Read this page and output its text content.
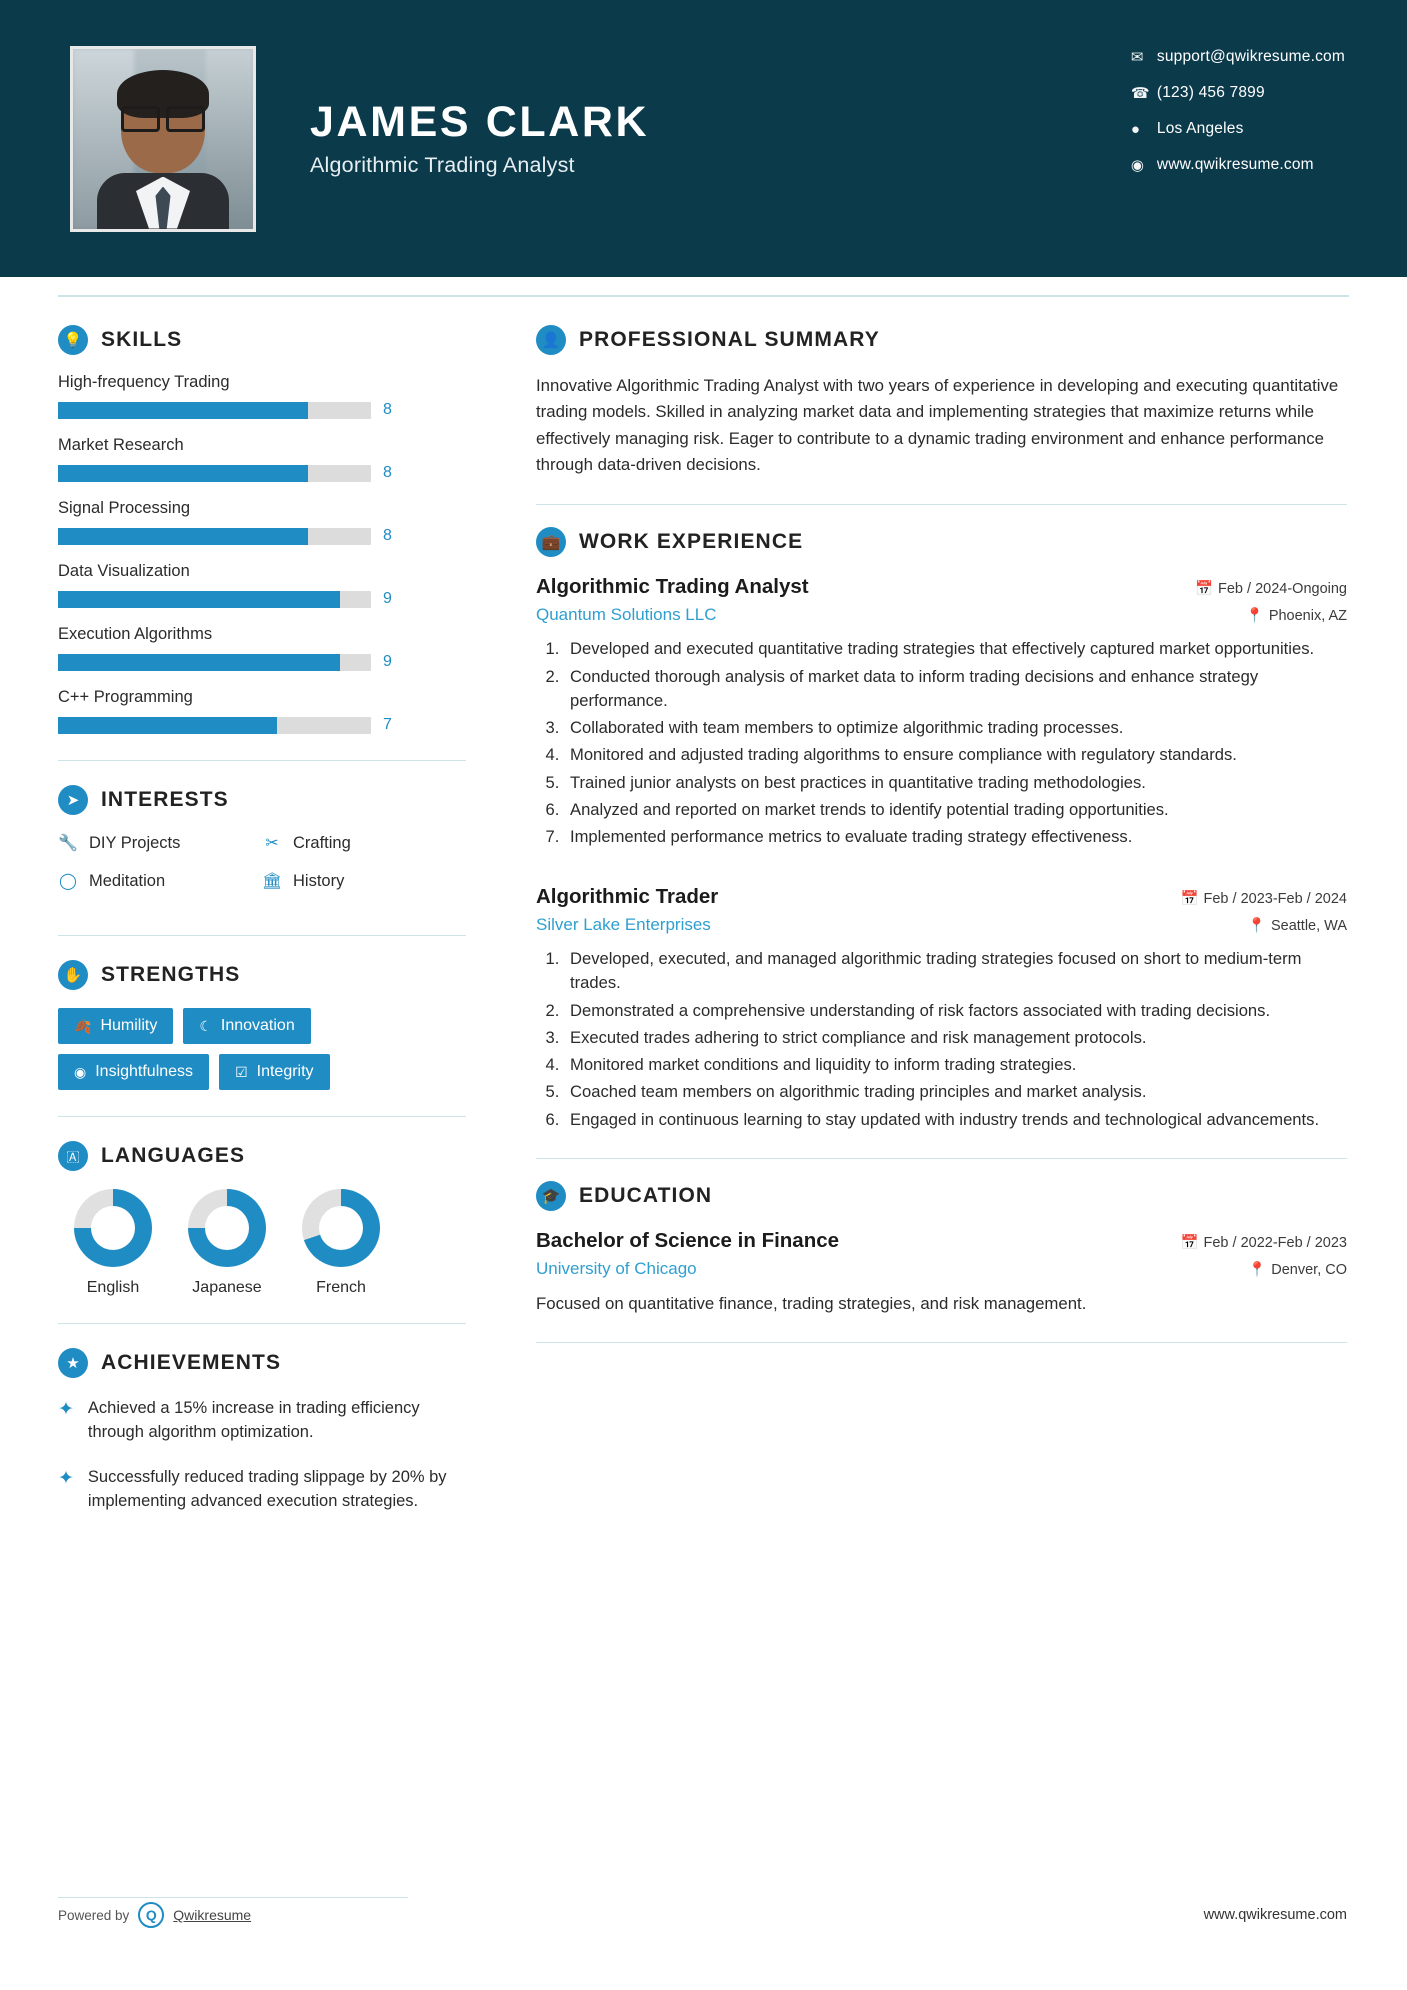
JAMES CLARK
Algorithmic Trading Analyst
✉ support@qwikresume.com
☎ (123) 456 7899
●	Los Angeles
◉ www.qwikresume.com
💡 SKILLS
High-frequency Trading
8
Market Research
8
Signal Processing
8
Data Visualization
9
Execution Algorithms
9
C++ Programming
7
➤	INTERESTS
🔧 DIY Projects	✂ Crafting
◯ Meditation	🏛 History
✋ STRENGTHS
🍂 Humility	☾ Innovation
◉ Insightfulness	☑ Integrity
🇦	LANGUAGES
English	Japanese	French
★	ACHIEVEMENTS
✦ Achieved a 15% increase in trading efficiency through algorithm optimization.
✦ Successfully reduced trading slippage by 20% by implementing advanced execution strategies.
👤 PROFESSIONAL SUMMARY
Innovative Algorithmic Trading Analyst with two years of experience in developing and executing quantitative trading models. Skilled in analyzing market data and implementing strategies that maximize returns while effectively managing risk. Eager to contribute to a dynamic trading environment and enhance performance through data-driven decisions.
💼 WORK EXPERIENCE
Algorithmic Trading Analyst	📅 Feb / 2024-Ongoing
Quantum Solutions LLC	📍 Phoenix, AZ
1. Developed and executed quantitative trading strategies that effectively captured market opportunities.
2. Conducted thorough analysis of market data to inform trading decisions and enhance strategy performance.
3. Collaborated with team members to optimize algorithmic trading processes.
4. Monitored and adjusted trading algorithms to ensure compliance with regulatory standards.
5. Trained junior analysts on best practices in quantitative trading methodologies.
6. Analyzed and reported on market trends to identify potential trading opportunities.
7. Implemented performance metrics to evaluate trading strategy effectiveness.
Algorithmic Trader	📅 Feb / 2023-Feb / 2024
Silver Lake Enterprises	📍 Seattle, WA
1. Developed, executed, and managed algorithmic trading strategies focused on short to medium-term trades.
2. Demonstrated a comprehensive understanding of risk factors associated with trading decisions.
3. Executed trades adhering to strict compliance and risk management protocols.
4. Monitored market conditions and liquidity to inform trading strategies.
5. Coached team members on algorithmic trading principles and market analysis.
6. Engaged in continuous learning to stay updated with industry trends and technological advancements.
🎓 EDUCATION
Bachelor of Science in Finance	📅 Feb / 2022-Feb / 2023
University of Chicago	📍 Denver, CO
Focused on quantitative finance, trading strategies, and risk management.
Powered by	Q	Qwikresume	www.qwikresume.com
